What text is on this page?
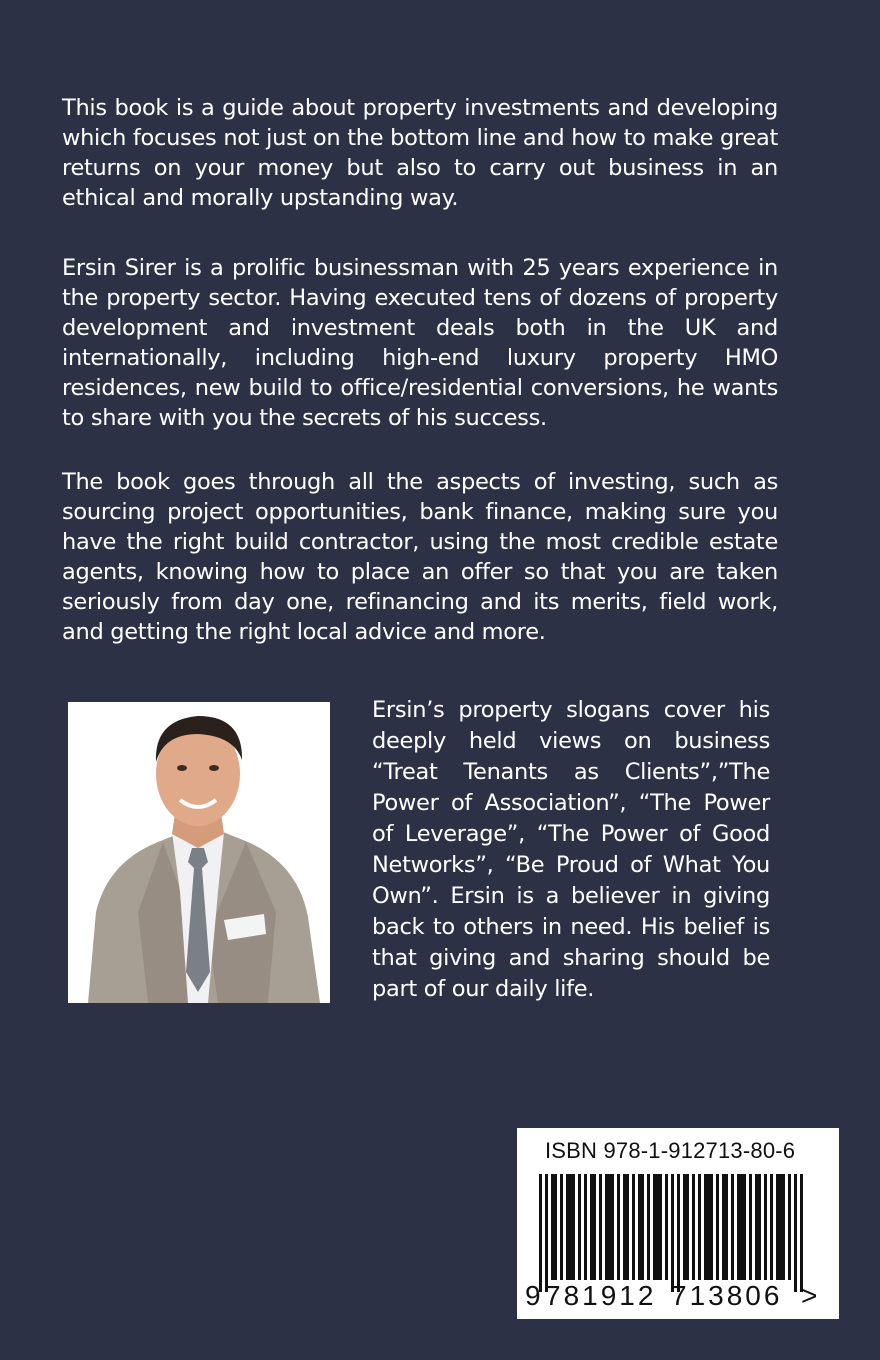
This book is a guide about property investments and developing which focuses not just on the bottom line and how to make great returns on your money but also to carry out business in an ethical and morally upstanding way.

Ersin Sirer is a prolific businessman with 25 years experience in the property sector. Having executed tens of dozens of property development and investment deals both in the UK and internationally, including high-end luxury property HMO residences, new build to office/residential conversions, he wants to share with you the secrets of his success.

The book goes through all the aspects of investing, such as sourcing project opportunities, bank finance, making sure you have the right build contractor, using the most credible estate agents, knowing how to place an offer so that you are taken seriously from day one, refinancing and its merits, field work, and getting the right local advice and more.

Ersin’s property slogans cover his deeply held views on business “Treat Tenants as Clients”,”The Power of Association”, “The Power of Leverage”, “The Power of Good Networks”, “Be Proud of What You Own”. Ersin is a believer in giving back to others in need. His belief is that giving and sharing should be part of our daily life.

ISBN 978-1-912713-80-6
9 781912 713806 >
